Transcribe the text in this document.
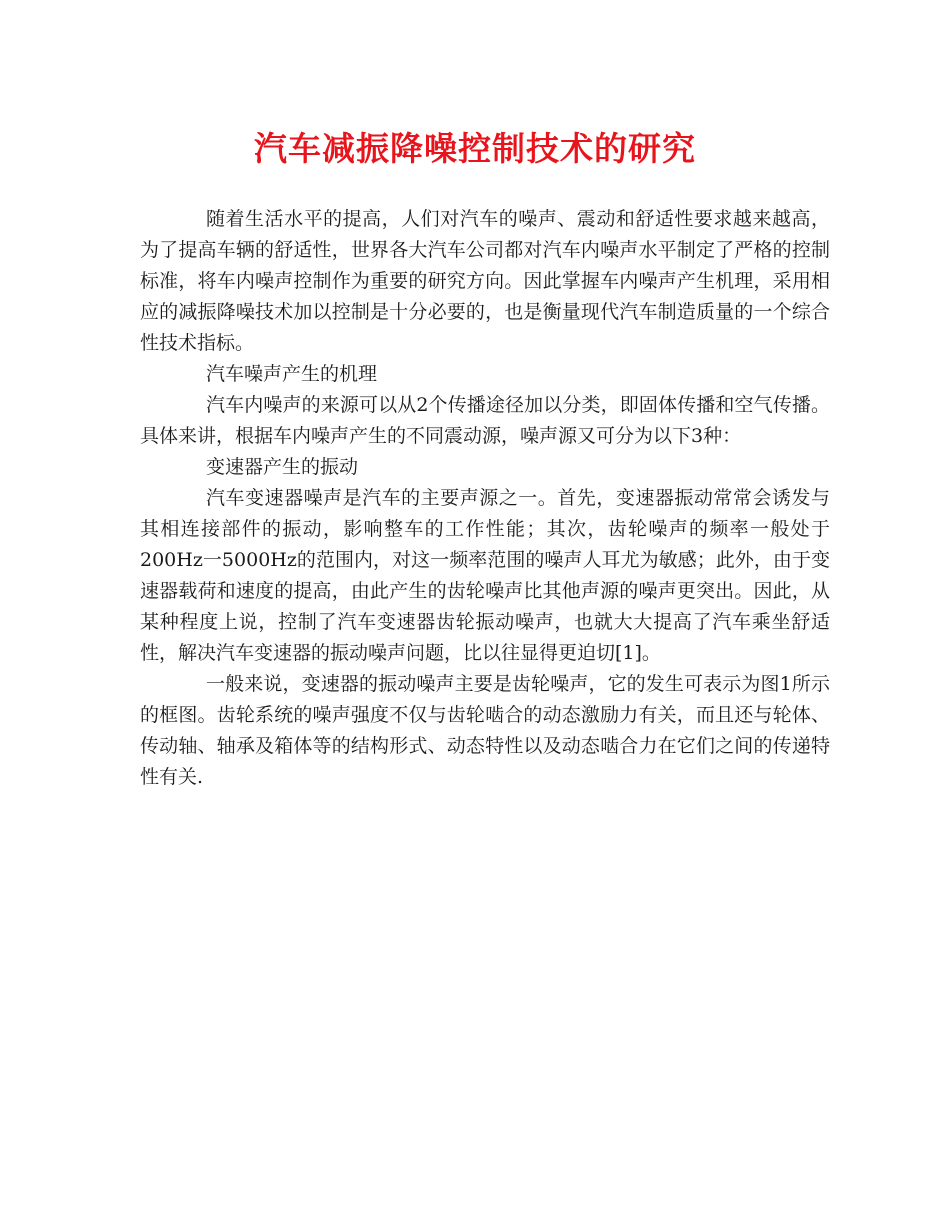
汽车减振降噪控制技术的研究

随着生活水平的提高，人们对汽车的噪声、震动和舒适性要求越来越高，为了提高车辆的舒适性，世界各大汽车公司都对汽车内噪声水平制定了严格的控制标准，将车内噪声控制作为重要的研究方向。因此掌握车内噪声产生机理，采用相应的减振降噪技术加以控制是十分必要的，也是衡量现代汽车制造质量的一个综合性技术指标。

汽车噪声产生的机理

汽车内噪声的来源可以从2个传播途径加以分类，即固体传播和空气传播。具体来讲，根据车内噪声产生的不同震动源，噪声源又可分为以下3种：

变速器产生的振动

汽车变速器噪声是汽车的主要声源之一。首先，变速器振动常常会诱发与其相连接部件的振动，影响整车的工作性能；其次，齿轮噪声的频率一般处于200Hz一5000Hz的范围内，对这一频率范围的噪声人耳尤为敏感；此外，由于变速器载荷和速度的提高，由此产生的齿轮噪声比其他声源的噪声更突出。因此，从某种程度上说，控制了汽车变速器齿轮振动噪声，也就大大提高了汽车乘坐舒适性，解决汽车变速器的振动噪声问题，比以往显得更迫切[1]。

一般来说，变速器的振动噪声主要是齿轮噪声，它的发生可表示为图1所示的框图。齿轮系统的噪声强度不仅与齿轮啮合的动态激励力有关，而且还与轮体、传动轴、轴承及箱体等的结构形式、动态特性以及动态啮合力在它们之间的传递特性有关.
